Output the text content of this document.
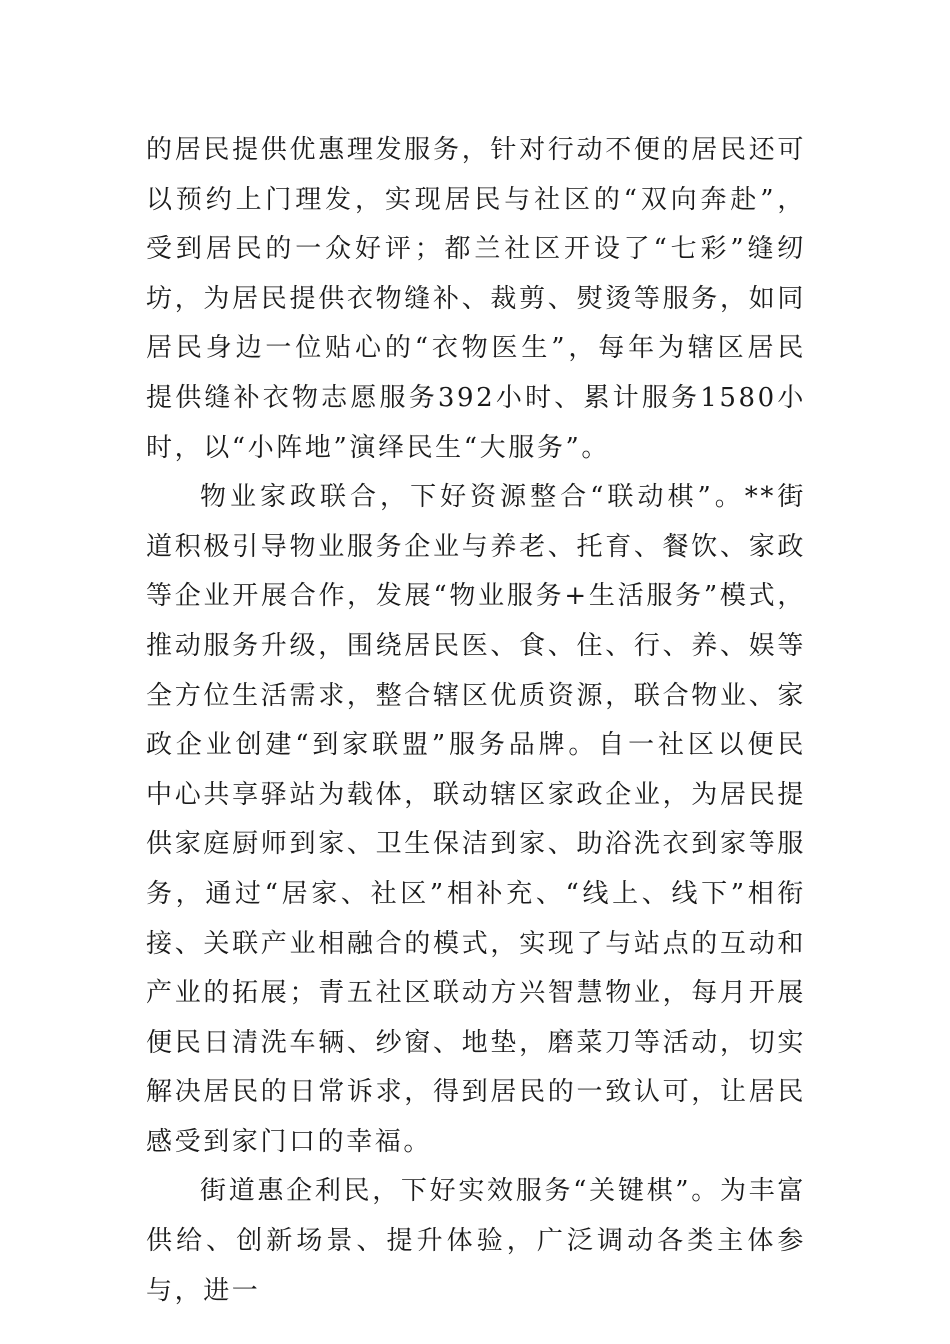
的居民提供优惠理发服务，针对行动不便的居民还可以预约上门理发，实现居民与社区的“双向奔赴”，受到居民的一众好评；都兰社区开设了“七彩”缝纫坊，为居民提供衣物缝补、裁剪、熨烫等服务，如同居民身边一位贴心的“衣物医生”，每年为辖区居民提供缝补衣物志愿服务392小时、累计服务1580小时，以“小阵地”演绎民生“大服务”。

物业家政联合，下好资源整合“联动棋”。**街道积极引导物业服务企业与养老、托育、餐饮、家政等企业开展合作，发展“物业服务+生活服务”模式，推动服务升级，围绕居民医、食、住、行、养、娱等全方位生活需求，整合辖区优质资源，联合物业、家政企业创建“到家联盟”服务品牌。自一社区以便民中心共享驿站为载体，联动辖区家政企业，为居民提供家庭厨师到家、卫生保洁到家、助浴洗衣到家等服务，通过“居家、社区”相补充、“线上、线下”相衔接、关联产业相融合的模式，实现了与站点的互动和产业的拓展；青五社区联动方兴智慧物业，每月开展便民日清洗车辆、纱窗、地垫，磨菜刀等活动，切实解决居民的日常诉求，得到居民的一致认可，让居民感受到家门口的幸福。

街道惠企利民，下好实效服务“关键棋”。为丰富供给、创新场景、提升体验，广泛调动各类主体参与，进一
